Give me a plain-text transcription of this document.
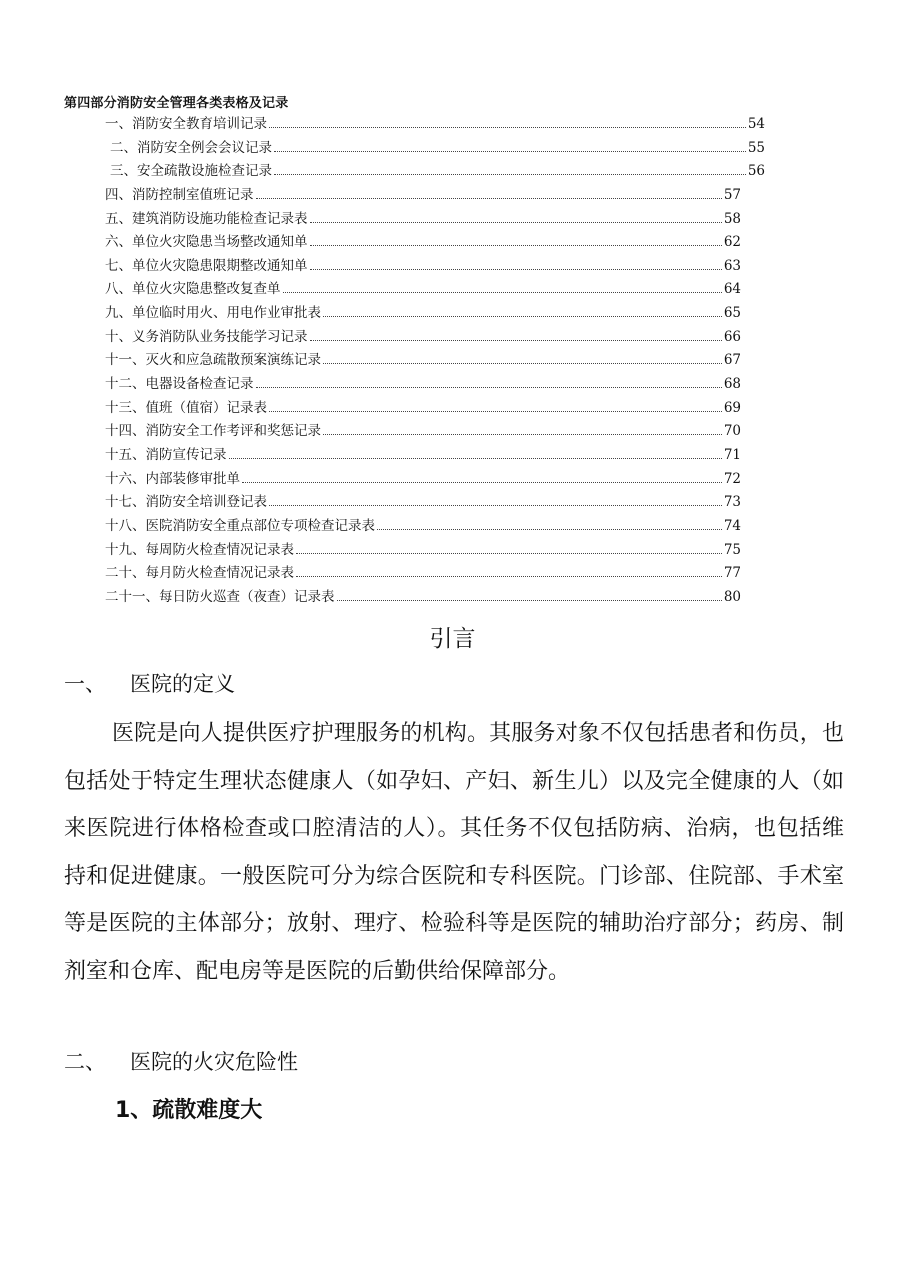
第四部分消防安全管理各类表格及记录
一、消防安全教育培训记录	54
二、消防安全例会会议记录	55
三、安全疏散设施检查记录	56
四、消防控制室值班记录	57
五、建筑消防设施功能检查记录表	58
六、单位火灾隐患当场整改通知单	62
七、单位火灾隐患限期整改通知单	63
八、单位火灾隐患整改复查单	64
九、单位临时用火、用电作业审批表	65
十、义务消防队业务技能学习记录	66
十一、灭火和应急疏散预案演练记录	67
十二、电器设备检查记录	68
十三、值班（值宿）记录表	69
十四、消防安全工作考评和奖惩记录	70
十五、消防宣传记录	71
十六、内部装修审批单	72
十七、消防安全培训登记表	73
十八、医院消防安全重点部位专项检查记录表	74
十九、每周防火检查情况记录表	75
二十、每月防火检查情况记录表	77
二十一、每日防火巡查（夜查）记录表	80
引言
一、 医院的定义
医院是向人提供医疗护理服务的机构。其服务对象不仅包括患者和伤员，也包括处于特定生理状态健康人（如孕妇、产妇、新生儿）以及完全健康的人（如来医院进行体格检查或口腔清洁的人）。其任务不仅包括防病、治病，也包括维持和促进健康。一般医院可分为综合医院和专科医院。门诊部、住院部、手术室等是医院的主体部分；放射、理疗、检验科等是医院的辅助治疗部分；药房、制剂室和仓库、配电房等是医院的后勤供给保障部分。
二、 医院的火灾危险性
1、疏散难度大
